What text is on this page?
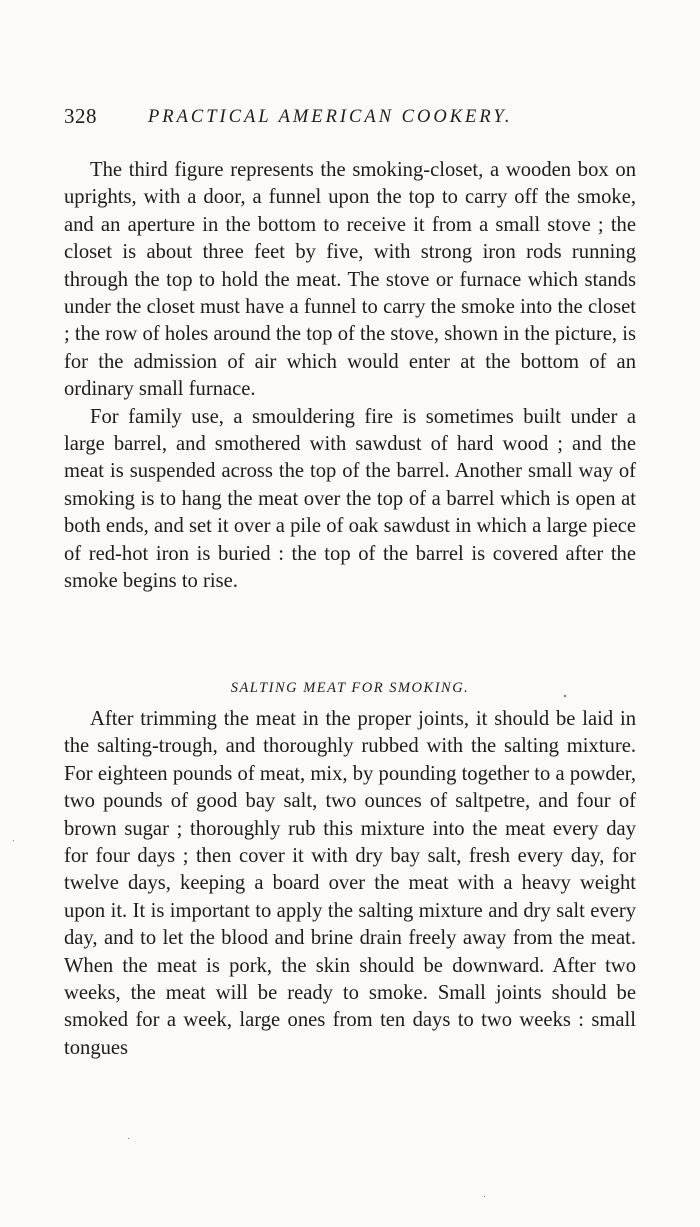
328	PRACTICAL AMERICAN COOKERY.

The third figure represents the smoking-closet, a wooden box on uprights, with a door, a funnel upon the top to carry off the smoke, and an aperture in the bottom to receive it from a small stove ; the closet is about three feet by five, with strong iron rods running through the top to hold the meat. The stove or furnace which stands under the closet must have a funnel to carry the smoke into the closet ; the row of holes around the top of the stove, shown in the picture, is for the admission of air which would enter at the bottom of an ordinary small furnace.

For family use, a smouldering fire is sometimes built under a large barrel, and smothered with sawdust of hard wood ; and the meat is suspended across the top of the barrel. Another small way of smoking is to hang the meat over the top of a barrel which is open at both ends, and set it over a pile of oak sawdust in which a large piece of red-hot iron is buried : the top of the barrel is covered after the smoke begins to rise.

SALTING MEAT FOR SMOKING.

After trimming the meat in the proper joints, it should be laid in the salting-trough, and thoroughly rubbed with the salting mixture. For eighteen pounds of meat, mix, by pounding together to a powder, two pounds of good bay salt, two ounces of saltpetre, and four of brown sugar ; thoroughly rub this mixture into the meat every day for four days ; then cover it with dry bay salt, fresh every day, for twelve days, keeping a board over the meat with a heavy weight upon it. It is important to apply the salting mixture and dry salt every day, and to let the blood and brine drain freely away from the meat. When the meat is pork, the skin should be downward. After two weeks, the meat will be ready to smoke. Small joints should be smoked for a week, large ones from ten days to two weeks : small tongues
